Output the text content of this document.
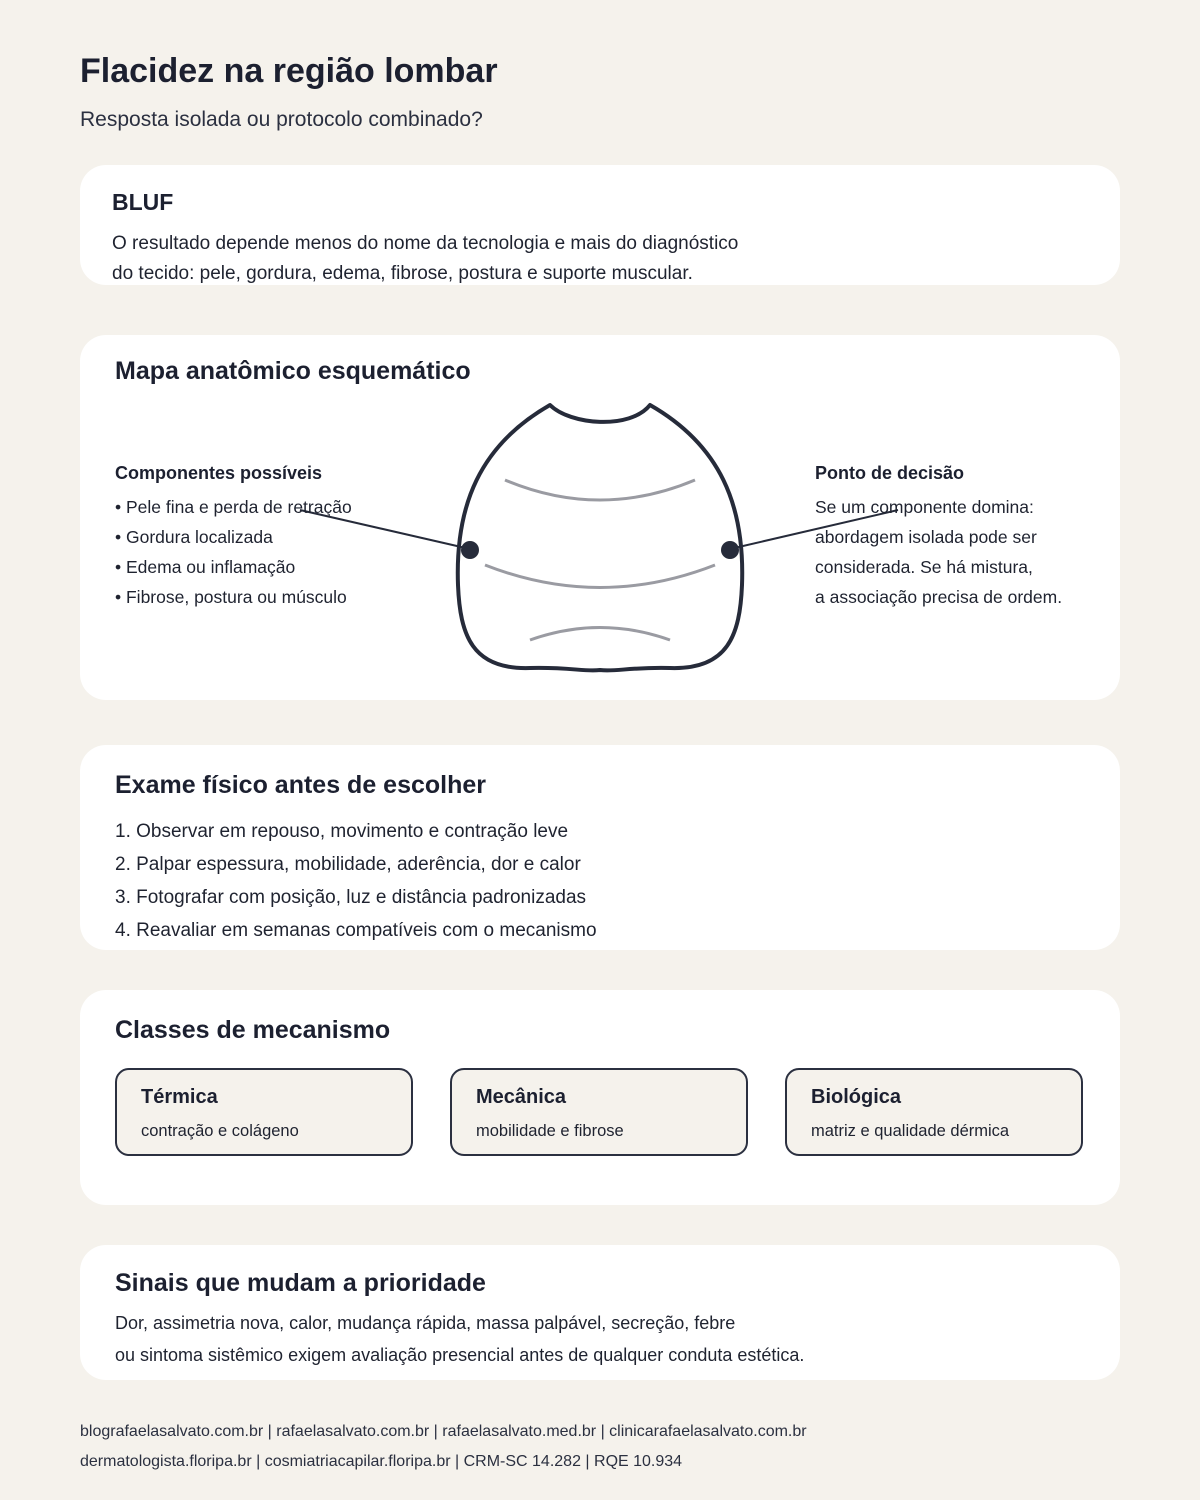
Flacidez na região lombar

Resposta isolada ou protocolo combinado?

BLUF
O resultado depende menos do nome da tecnologia e mais do diagnóstico
do tecido: pele, gordura, edema, fibrose, postura e suporte muscular.
Mapa anatômico esquemático
Componentes possíveis
• Pele fina e perda de retração
• Gordura localizada
• Edema ou inflamação
• Fibrose, postura ou músculo
Ponto de decisão
Se um componente domina:
abordagem isolada pode ser
considerada. Se há mistura,
a associação precisa de ordem.
Exame físico antes de escolher
1. Observar em repouso, movimento e contração leve
2. Palpar espessura, mobilidade, aderência, dor e calor
3. Fotografar com posição, luz e distância padronizadas
4. Reavaliar em semanas compatíveis com o mecanismo
Classes de mecanismo
Térmica
contração e colágeno
Mecânica
mobilidade e fibrose
Biológica
matriz e qualidade dérmica
Sinais que mudam a prioridade
Dor, assimetria nova, calor, mudança rápida, massa palpável, secreção, febre
ou sintoma sistêmico exigem avaliação presencial antes de qualquer conduta estética.
blografaelasalvato.com.br | rafaelasalvato.com.br | rafaelasalvato.med.br | clinicarafaelasalvato.com.br
dermatologista.floripa.br | cosmiatriacapilar.floripa.br | CRM-SC 14.282 | RQE 10.934
